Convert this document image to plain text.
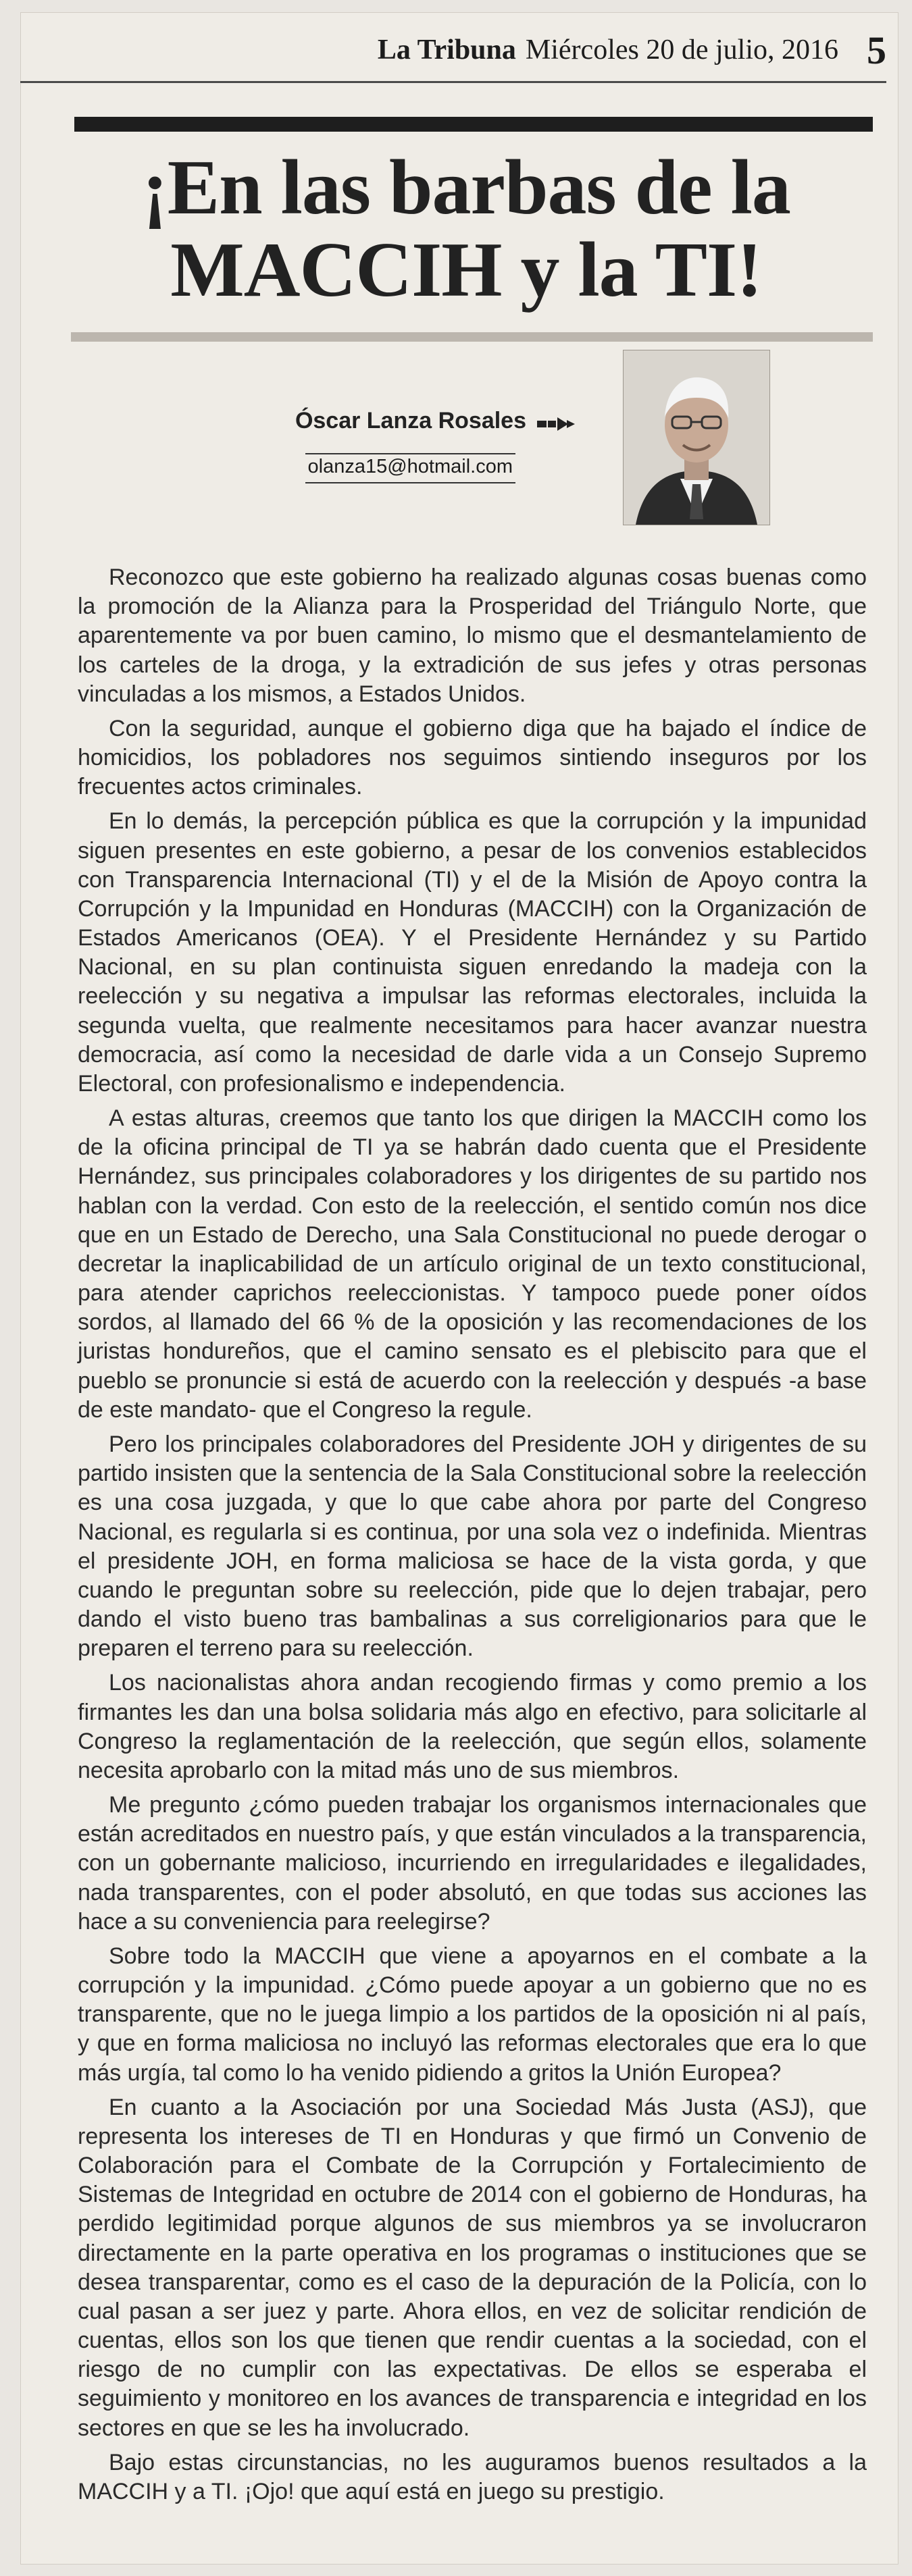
La Tribuna Miércoles 20 de julio, 2016 5
¡En las barbas de la
MACCIH y la TI!
Óscar Lanza Rosales
olanza15@hotmail.com

Reconozco que este gobierno ha realizado algunas cosas buenas como la promoción de la Alianza para la Prosperidad del Triángulo Norte, que aparentemente va por buen camino, lo mismo que el desmantelamiento de los carteles de la droga, y la extradición de sus jefes y otras personas vinculadas a los mismos, a Estados Unidos.

Con la seguridad, aunque el gobierno diga que ha bajado el índice de homicidios, los pobladores nos seguimos sintiendo inseguros por los frecuentes actos criminales.

En lo demás, la percepción pública es que la corrupción y la impunidad siguen presentes en este gobierno, a pesar de los convenios establecidos con Transparencia Internacional (TI) y el de la Misión de Apoyo contra la Corrupción y la Impunidad en Honduras (MACCIH) con la Organización de Estados Americanos (OEA). Y el Presidente Hernández y su Partido Nacional, en su plan continuista siguen enredando la madeja con la reelección y su negativa a impulsar las reformas electorales, incluida la segunda vuelta, que realmente necesitamos para hacer avanzar nuestra democracia, así como la necesidad de darle vida a un Consejo Supremo Electoral, con profesionalismo e independencia.

A estas alturas, creemos que tanto los que dirigen la MACCIH como los de la oficina principal de TI ya se habrán dado cuenta que el Presidente Hernández, sus principales colaboradores y los dirigentes de su partido nos hablan con la verdad. Con esto de la reelección, el sentido común nos dice que en un Estado de Derecho, una Sala Constitucional no puede derogar o decretar la inaplicabilidad de un artículo original de un texto constitucional, para atender caprichos reeleccionistas. Y tampoco puede poner oídos sordos, al llamado del 66 % de la oposición y las recomendaciones de los juristas hondureños, que el camino sensato es el plebiscito para que el pueblo se pronuncie si está de acuerdo con la reelección y después -a base de este mandato- que el Congreso la regule.

Pero los principales colaboradores del Presidente JOH y dirigentes de su partido insisten que la sentencia de la Sala Constitucional sobre la reelección es una cosa juzgada, y que lo que cabe ahora por parte del Congreso Nacional, es regularla si es continua, por una sola vez o indefinida. Mientras el presidente JOH, en forma maliciosa se hace de la vista gorda, y que cuando le preguntan sobre su reelección, pide que lo dejen trabajar, pero dando el visto bueno tras bambalinas a sus correligionarios para que le preparen el terreno para su reelección.

Los nacionalistas ahora andan recogiendo firmas y como premio a los firmantes les dan una bolsa solidaria más algo en efectivo, para solicitarle al Congreso la reglamentación de la reelección, que según ellos, solamente necesita aprobarlo con la mitad más uno de sus miembros.

Me pregunto ¿cómo pueden trabajar los organismos internacionales que están acreditados en nuestro país, y que están vinculados a la transparencia, con un gobernante malicioso, incurriendo en irregularidades e ilegalidades, nada transparentes, con el poder absolutó, en que todas sus acciones las hace a su conveniencia para reelegirse?

Sobre todo la MACCIH que viene a apoyarnos en el combate a la corrupción y la impunidad. ¿Cómo puede apoyar a un gobierno que no es transparente, que no le juega limpio a los partidos de la oposición ni al país, y que en forma maliciosa no incluyó las reformas electorales que era lo que más urgía, tal como lo ha venido pidiendo a gritos la Unión Europea?

En cuanto a la Asociación por una Sociedad Más Justa (ASJ), que representa los intereses de TI en Honduras y que firmó un Convenio de Colaboración para el Combate de la Corrupción y Fortalecimiento de Sistemas de Integridad en octubre de 2014 con el gobierno de Honduras, ha perdido legitimidad porque algunos de sus miembros ya se involucraron directamente en la parte operativa en los programas o instituciones que se desea transparentar, como es el caso de la depuración de la Policía, con lo cual pasan a ser juez y parte. Ahora ellos, en vez de solicitar rendición de cuentas, ellos son los que tienen que rendir cuentas a la sociedad, con el riesgo de no cumplir con las expectativas. De ellos se esperaba el seguimiento y monitoreo en los avances de transparencia e integridad en los sectores en que se les ha involucrado.

Bajo estas circunstancias, no les auguramos buenos resultados a la MACCIH y a TI. ¡Ojo! que aquí está en juego su prestigio.
